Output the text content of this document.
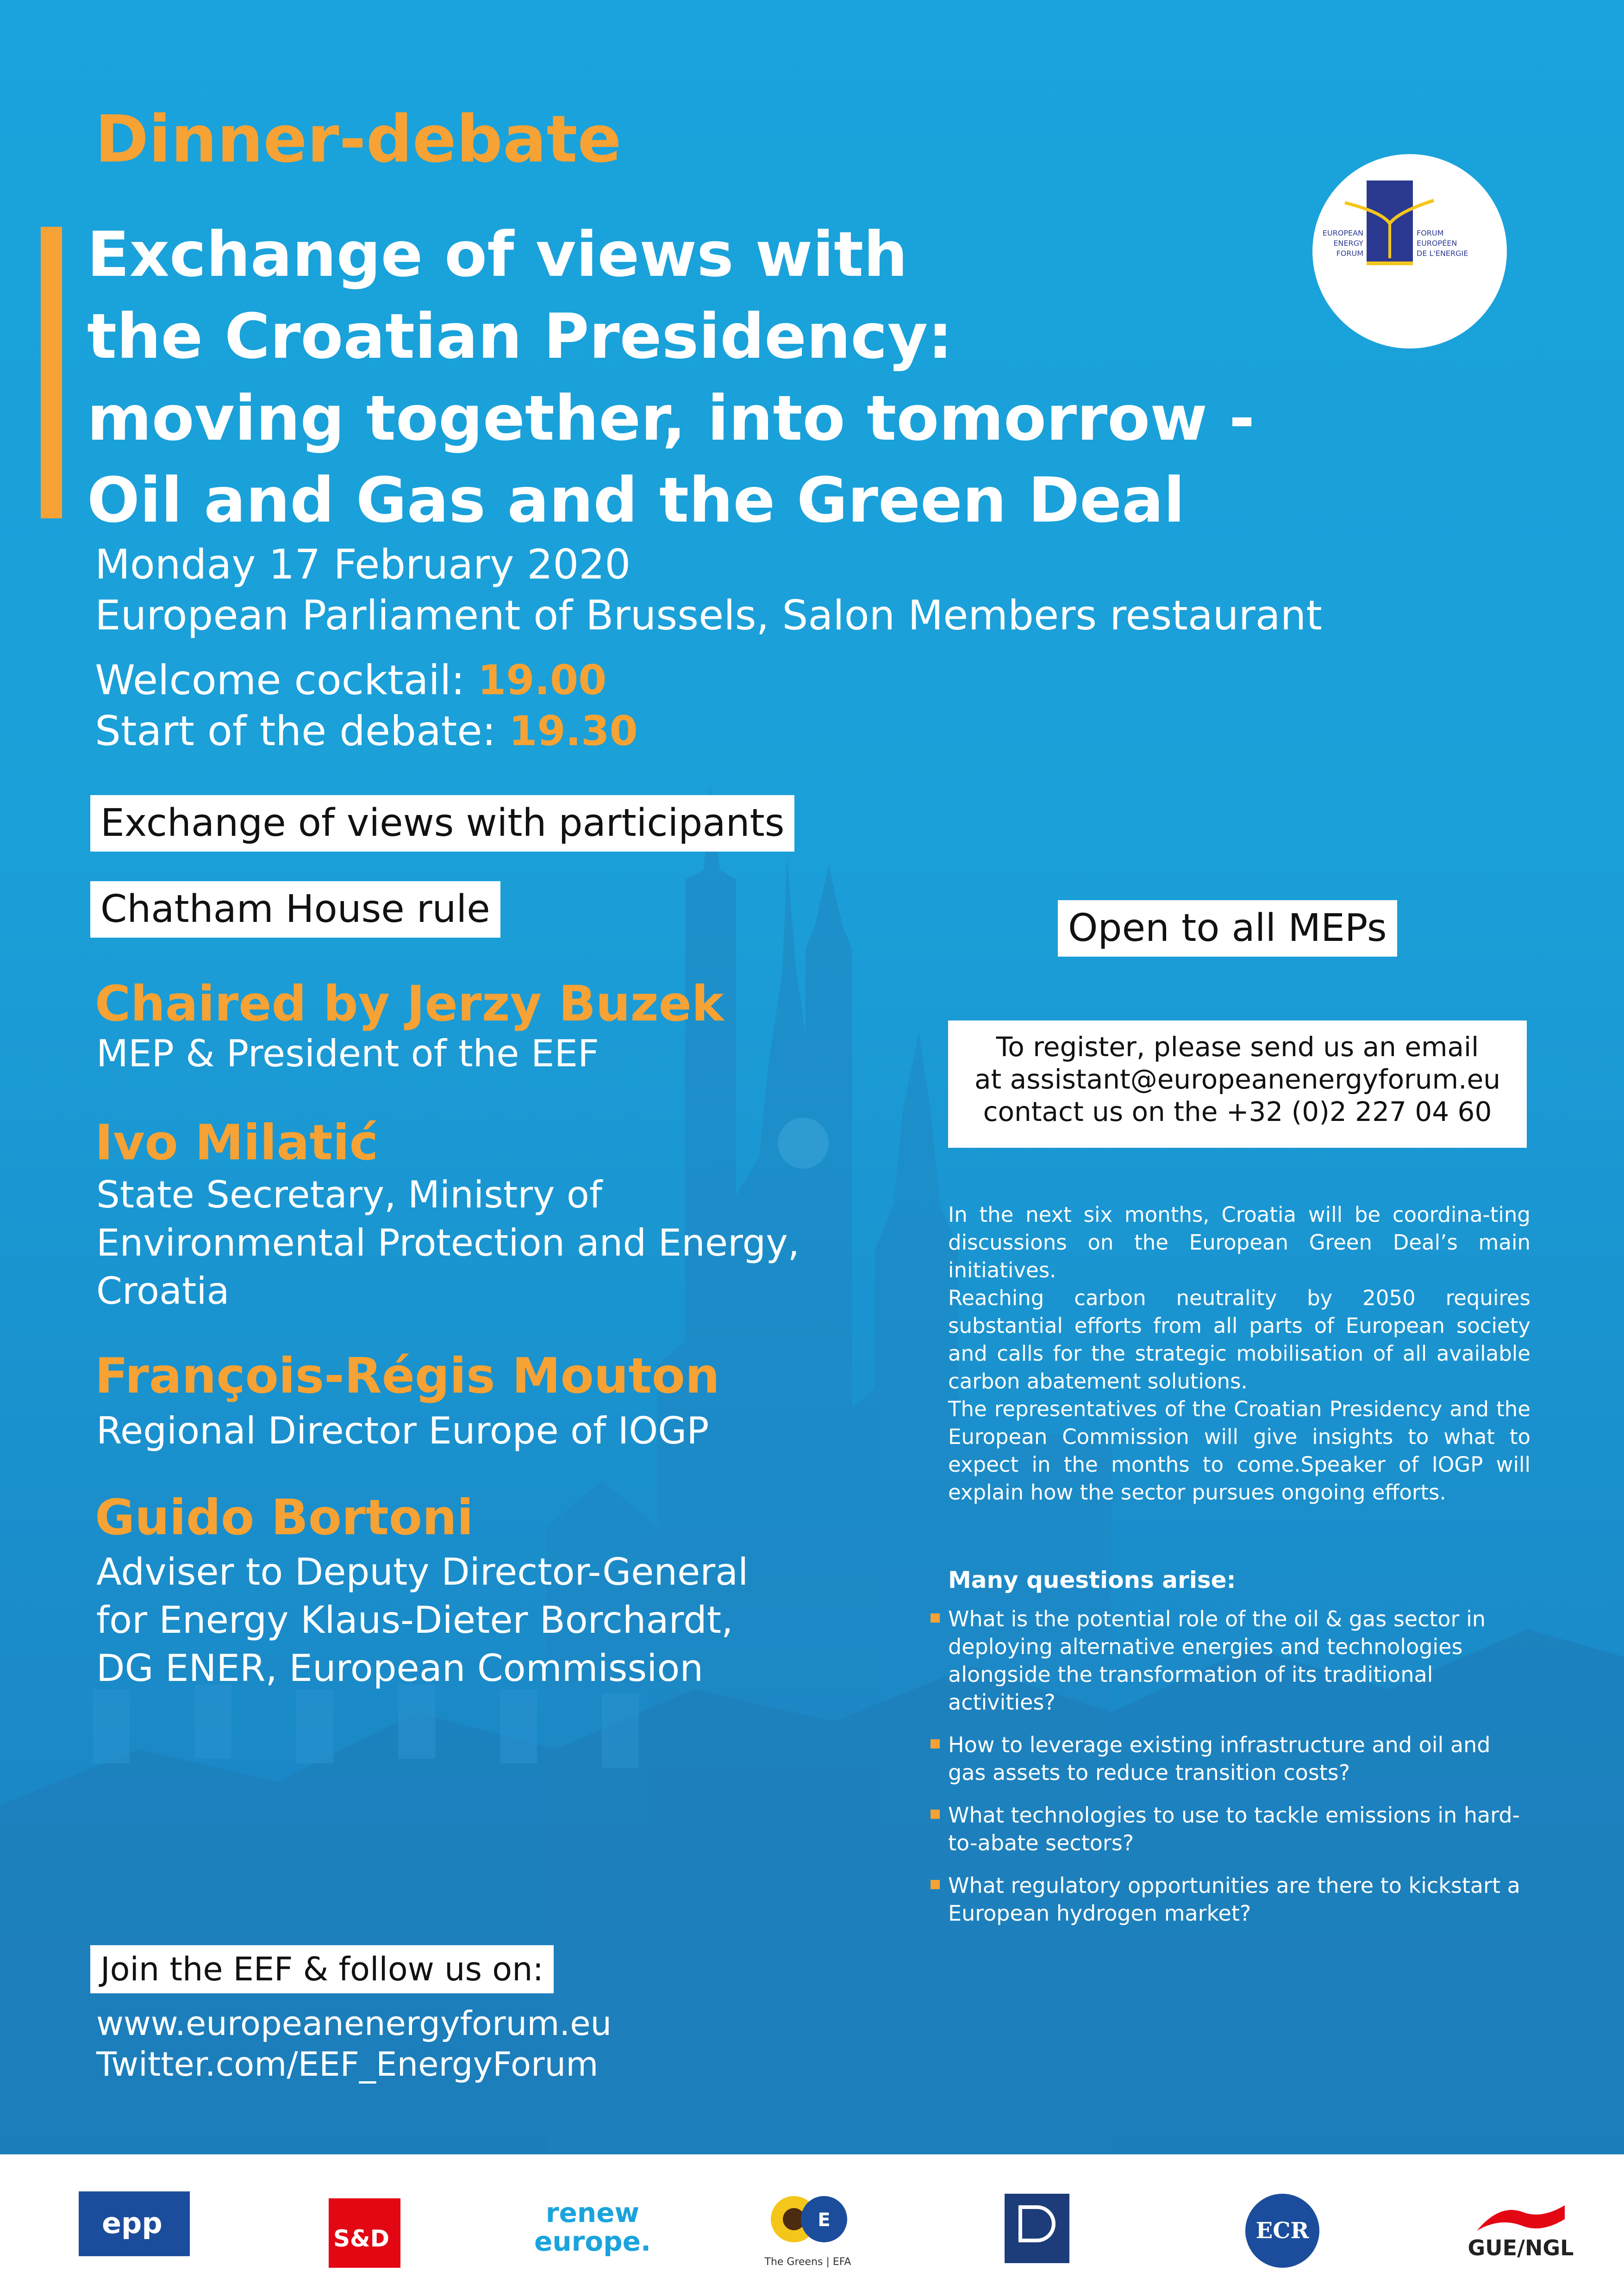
Dinner-debate
Exchange of views with
the Croatian Presidency:
moving together, into tomorrow -
Oil and Gas and the Green Deal
EUROPEAN
ENERGY
FORUM
FORUM
EUROPÉEN
DE L'ENERGIE
Monday 17 February 2020
European Parliament of Brussels, Salon Members restaurant
Welcome cocktail: 19.00
Start of the debate: 19.30
Exchange of views with participants
Chatham House rule	Open to all MEPs
Chaired by Jerzy Buzek
MEP & President of the EEF
Ivo Milatić
State Secretary, Ministry of
Environmental Protection and Energy,
Croatia
François-Régis Mouton
Regional Director Europe of IOGP
Guido Bortoni
Adviser to Deputy Director-General
for Energy Klaus-Dieter Borchardt,
DG ENER, European Commission
To register, please send us an email
at assistant@europeanenergyforum.eu
contact us on the +32 (0)2 227 04 60

In the next six months, Croatia will be coordina-ting discussions on the European Green Deal’s main initiatives.

Reaching carbon neutrality by 2050 requires substantial efforts from all parts of European society and calls for the strategic mobilisation of all available carbon abatement solutions.

The representatives of the Croatian Presidency and the European Commission will give insights to what to expect in the months to come.Speaker of IOGP will explain how the sector pursues ongoing efforts.

Many questions arise:
What is the potential role of the oil & gas sector in deploying alternative energies and technologies alongside the transformation of its traditional activities?
How to leverage existing infrastructure and oil and gas assets to reduce transition costs?
What technologies to use to tackle emissions in hard-to-abate sectors?
What regulatory opportunities are there to kickstart a European hydrogen market?
Join the EEF & follow us on:
www.europeanenergyforum.eu
Twitter.com/EEF_EnergyForum
epp	S&D
renew
europe.
E
The Greens | EFA
ECR
GUE/NGL
